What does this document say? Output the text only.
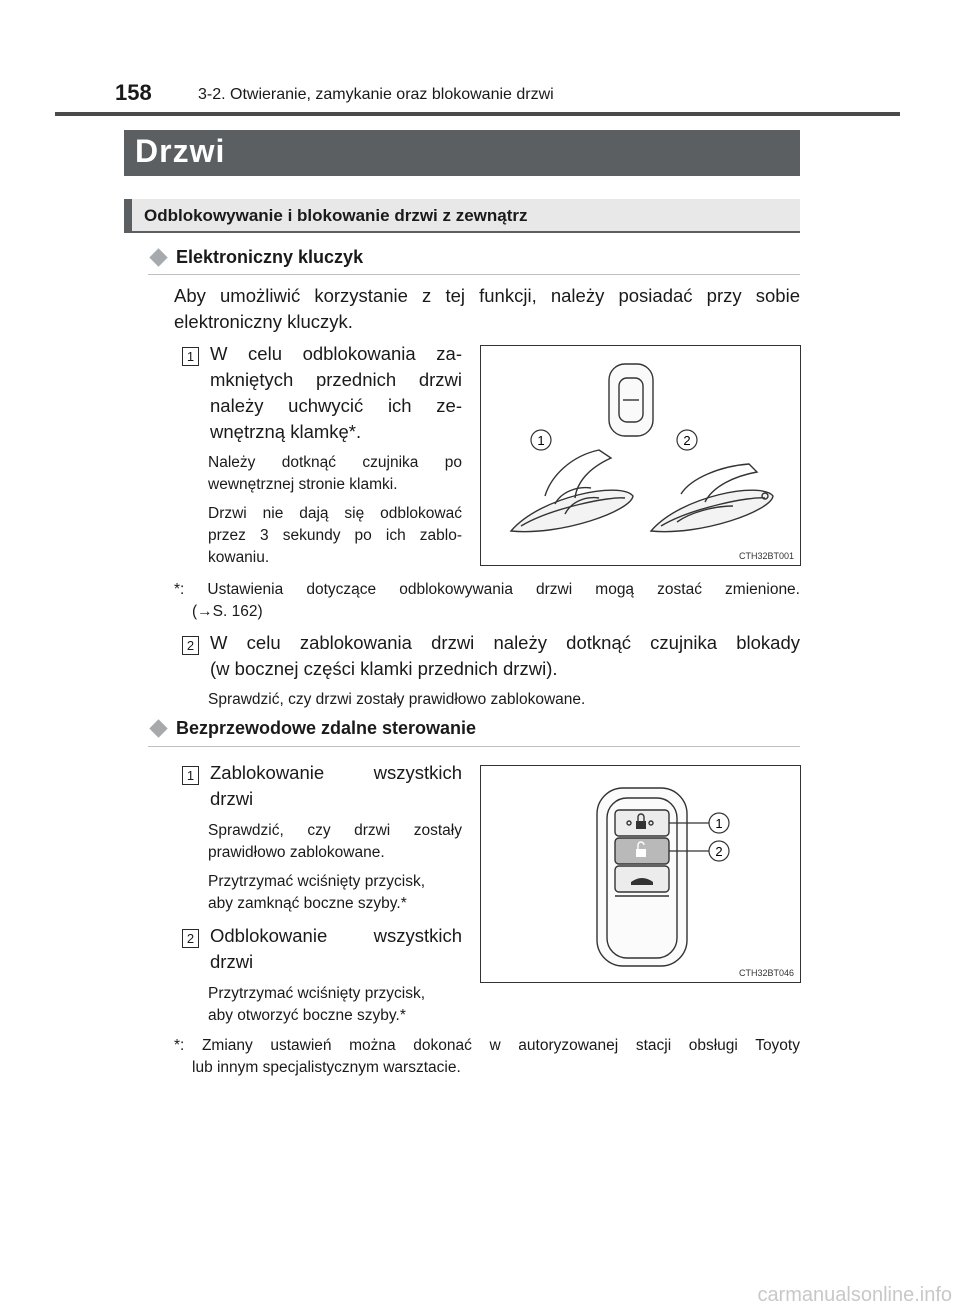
158	3-2. Otwieranie, zamykanie oraz blokowanie drzwi
Drzwi
Odblokowywanie i blokowanie drzwi z zewnątrz
Elektroniczny kluczyk
Aby umożliwić korzystanie z tej funkcji, należy posiadać przy sobie
elektroniczny kluczyk.
1 W celu odblokowania za-
mkniętych przednich drzwi
należy uchwycić ich ze-
wnętrzną klamkę*.
Należy dotknąć czujnika po
wewnętrznej stronie klamki.
Drzwi nie dają się odblokować
przez 3 sekundy po ich zablo-
kowaniu.
1	2
CTH32BT001
*: Ustawienia dotyczące odblokowywania drzwi mogą zostać zmienione.
(→S. 162)
2 W celu zablokowania drzwi należy dotknąć czujnika blokady
(w bocznej części klamki przednich drzwi).
Sprawdzić, czy drzwi zostały prawidłowo zablokowane.
Bezprzewodowe zdalne sterowanie
1 Zablokowanie wszystkich
drzwi
Sprawdzić, czy drzwi zostały
prawidłowo zablokowane.
Przytrzymać wciśnięty przycisk,
aby zamknąć boczne szyby.*
2 Odblokowanie wszystkich
drzwi
Przytrzymać wciśnięty przycisk,
aby otworzyć boczne szyby.*
1
2
CTH32BT046
*: Zmiany ustawień można dokonać w autoryzowanej stacji obsługi Toyoty
lub innym specjalistycznym warsztacie.
carmanualsonline.info
